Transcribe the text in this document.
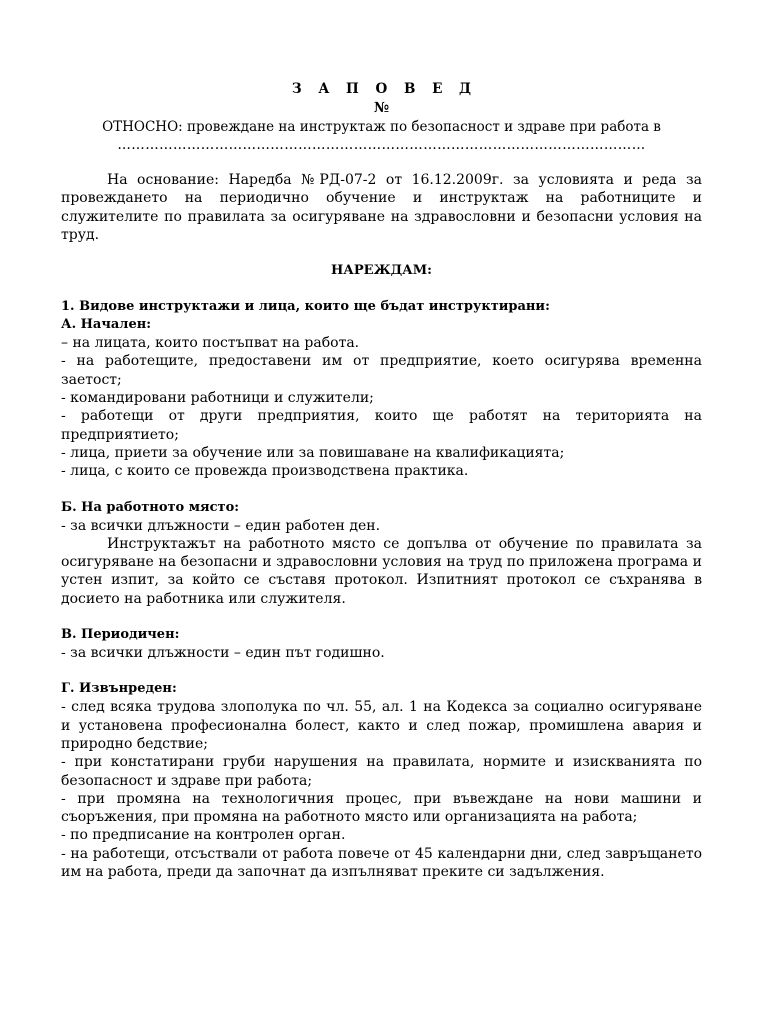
З А П О В Е Д
№
ОТНОСНО: провеждане на инструктаж по безопасност и здраве при работа в
……………………………………………………………………………………………………
На основание: Наредба №РД-07-2 от 16.12.2009г. за условията и реда за провеждането на периодично обучение и инструктаж на работниците и служителите по правилата за осигуряване на здравословни и безопасни условия на труд.
НАРЕЖДАМ:
1. Видове инструктажи и лица, които ще бъдат инструктирани:
А. Начален:
– на лицата, които постъпват на работа.
- на работещите, предоставени им от предприятие, което осигурява временна заетост;
- командировани работници и служители;
- работещи от други предприятия, които ще работят на територията на предприятието;
- лица, приети за обучение или за повишаване на квалификацията;
- лица, с които се провежда производствена практика.
Б. На работното място:
- за всички длъжности – един работен ден.
Инструктажът на работното място се допълва от обучение по правилата за осигуряване на безопасни и здравословни условия на труд по приложена програма и устен изпит, за който се съставя протокол. Изпитният протокол се съхранява в досието на работника или служителя.
В. Периодичен:
- за всички длъжности – един път годишно.
Г. Извънреден:
- след всяка трудова злополука по чл. 55, ал. 1 на Кодекса за социално осигуряване и установена професионална болест, както и след пожар, промишлена авария и природно бедствие;
- при констатирани груби нарушения на правилата, нормите и изискванията по безопасност и здраве при работа;
- при промяна на технологичния процес, при въвеждане на нови машини и съоръжения, при промяна на работното място или организацията на работа;
- по предписание на контролен орган.
- на работещи, отсъствали от работа повече от 45 календарни дни, след завръщането им на работа, преди да започнат да изпълняват преките си задължения.
